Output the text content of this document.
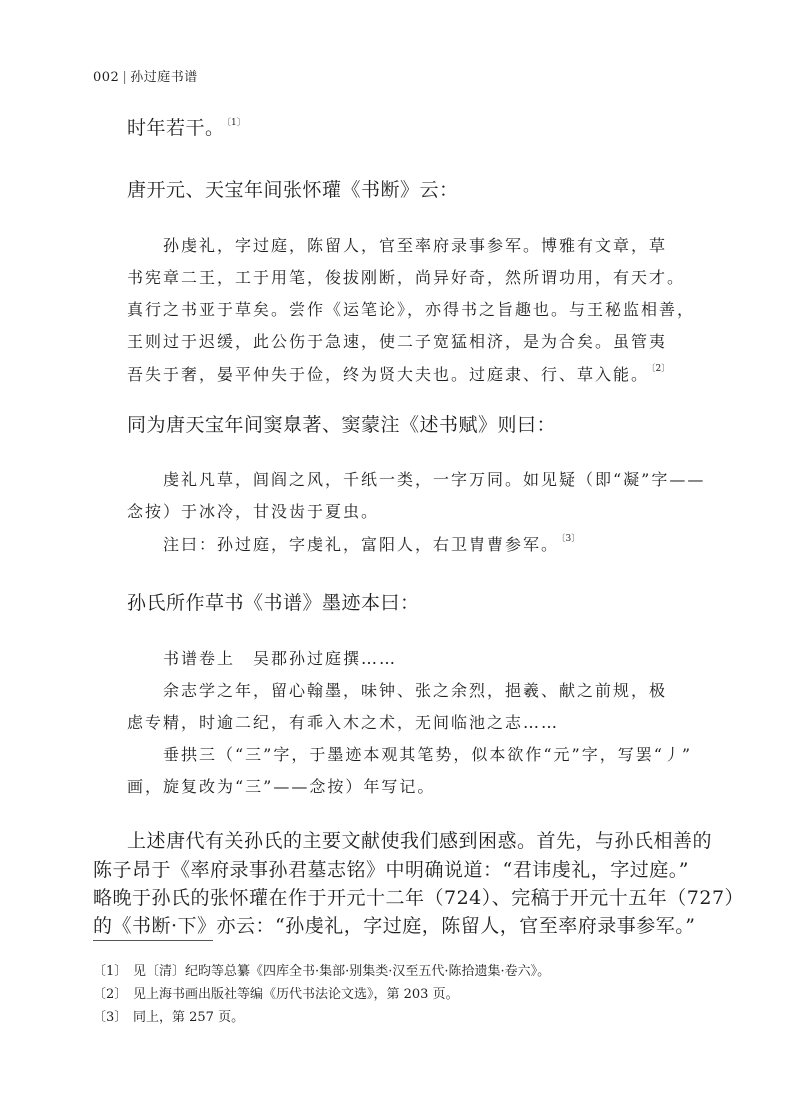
002 | 孙过庭书谱
时年若干。 $^{〔1〕}$
唐开元、天宝年间张怀瓘《书断》云：
孙虔礼，字过庭，陈留人，官至率府录事参军。博雅有文章，草
书宪章二王，工于用笔，俊拔刚断，尚异好奇，然所谓功用，有天才。
真行之书亚于草矣。尝作《运笔论》，亦得书之旨趣也。与王秘监相善，
王则过于迟缓，此公伤于急速，使二子宽猛相济，是为合矣。虽管夷
吾失于奢，晏平仲失于俭，终为贤大夫也。过庭隶、行、草入能。 $^{〔2〕}$
同为唐天宝年间窦臮著、窦蒙注《述书赋》则曰：
虔礼凡草，闾阎之风，千纸一类，一字万同。如见疑（即“凝”字——
念按）于冰冷，甘没齿于夏虫。
注曰：孙过庭，字虔礼，富阳人，右卫胄曹参军。 $^{〔3〕}$
孙氏所作草书《书谱》墨迹本曰：
书谱卷上　吴郡孙过庭撰……
余志学之年，留心翰墨，味钟、张之余烈，挹羲、献之前规，极
虑专精，时逾二纪，有乖入木之术，无间临池之志……
垂拱三（“三”字，于墨迹本观其笔势，似本欲作“元”字，写罢“丿”
画，旋复改为“三”——念按）年写记。
上述唐代有关孙氏的主要文献使我们感到困惑。首先，与孙氏相善的
陈子昂于《率府录事孙君墓志铭》中明确说道：“君讳虔礼，字过庭。”
略晚于孙氏的张怀瓘在作于开元十二年（724）、完稿于开元十五年（727）
的《书断·下》亦云：“孙虔礼，字过庭，陈留人，官至率府录事参军。”
〔1〕 见〔清〕纪昀等总纂《四库全书·集部·别集类·汉至五代·陈拾遗集·卷六》。
〔2〕 见上海书画出版社等编《历代书法论文选》，第 203 页。
〔3〕 同上，第 257 页。
